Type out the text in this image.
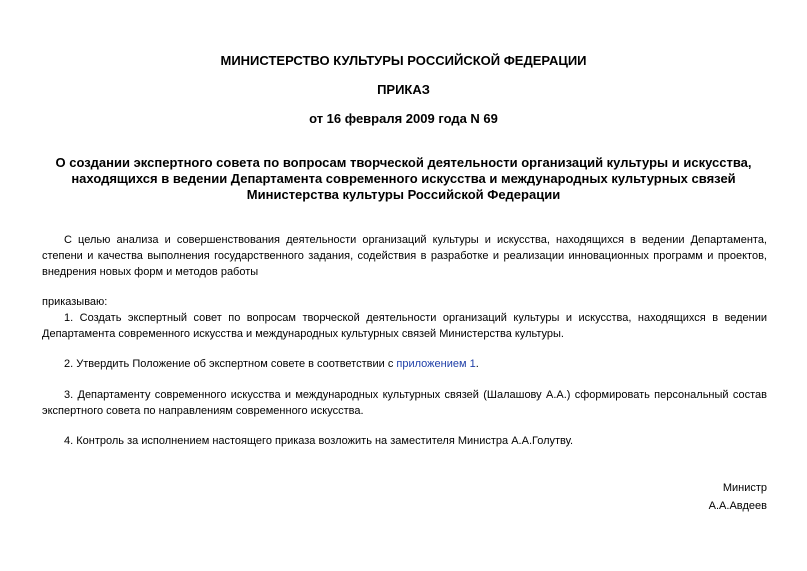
МИНИСТЕРСТВО КУЛЬТУРЫ РОССИЙСКОЙ ФЕДЕРАЦИИ
ПРИКАЗ
от 16 февраля 2009 года N 69
О создании экспертного совета по вопросам творческой деятельности организаций культуры и искусства,
находящихся в ведении Департамента современного искусства и международных культурных связей
Министерства культуры Российской Федерации
С целью анализа и совершенствования деятельности организаций культуры и искусства, находящихся в ведении Департамента, степени и качества выполнения государственного задания, содействия в разработке и реализации инновационных программ и проектов, внедрения новых форм и методов работы
приказываю:
1. Создать экспертный совет по вопросам творческой деятельности организаций культуры и искусства, находящихся в ведении Департамента современного искусства и международных культурных связей Министерства культуры.
2. Утвердить Положение об экспертном совете в соответствии с приложением 1.
3. Департаменту современного искусства и международных культурных связей (Шалашову А.А.) сформировать персональный состав экспертного совета по направлениям современного искусства.
4. Контроль за исполнением настоящего приказа возложить на заместителя Министра А.А.Голутву.
Министр
А.А.Авдеев
